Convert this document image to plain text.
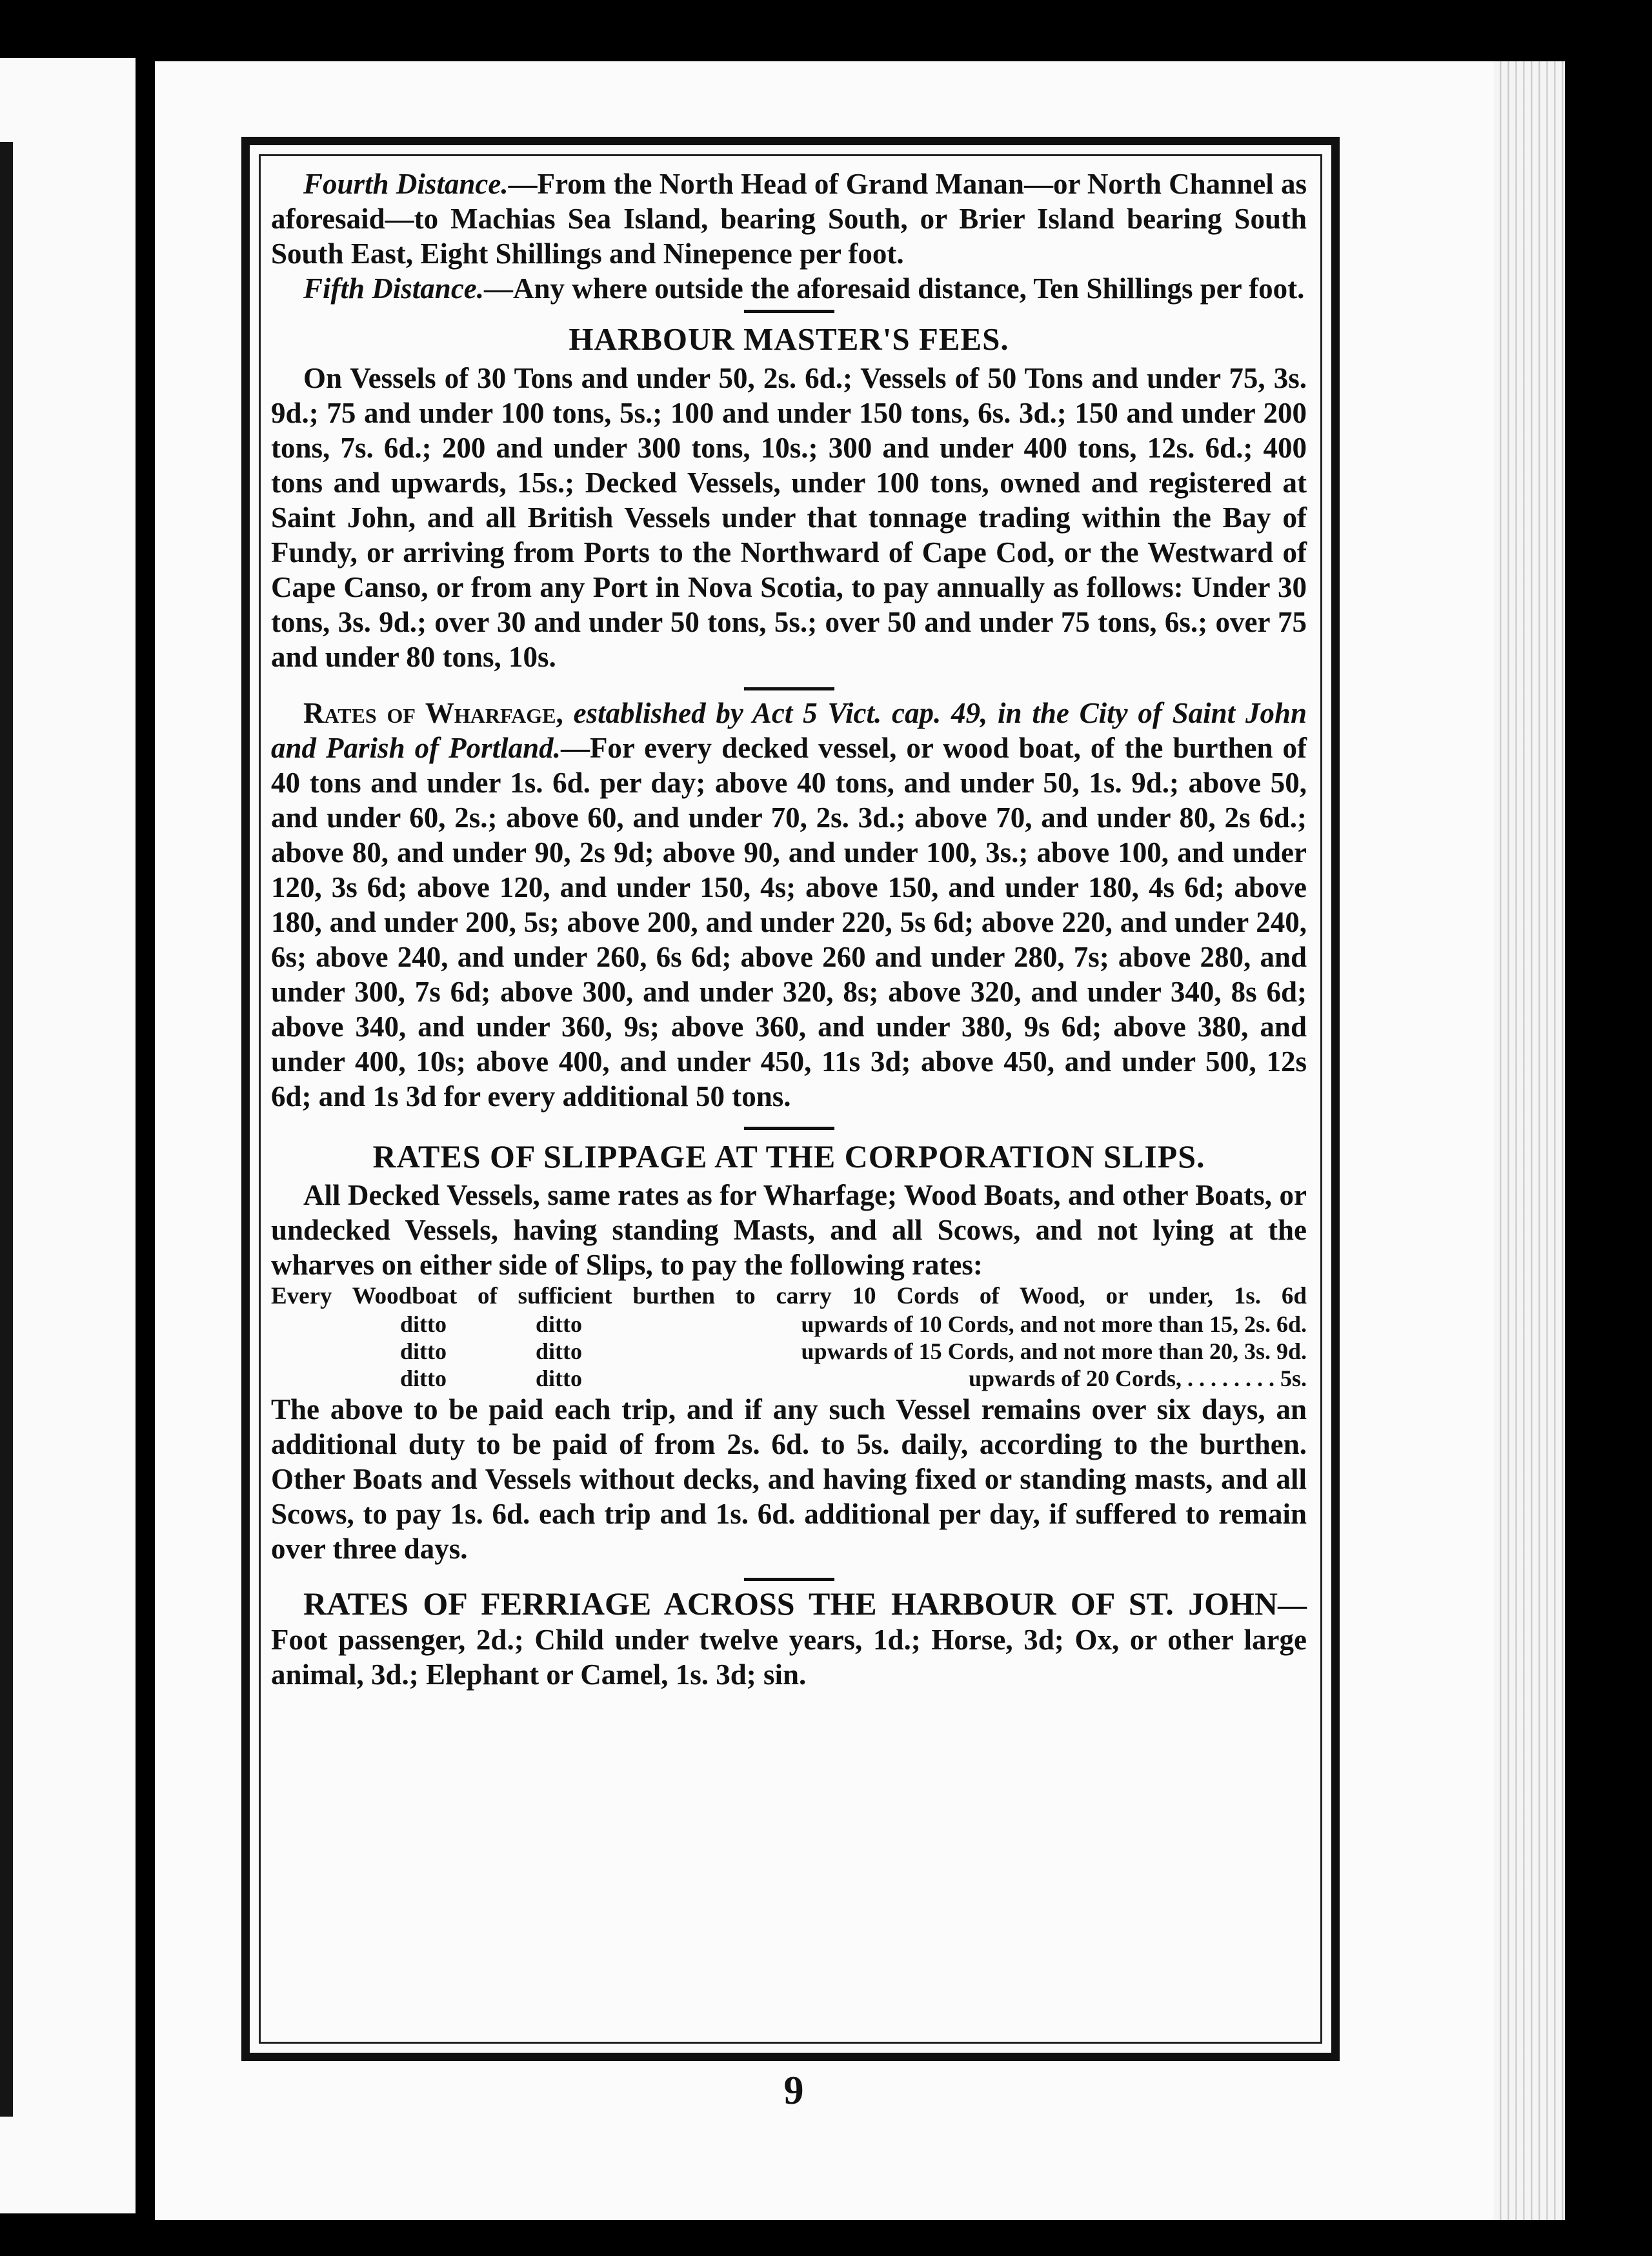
Fourth Distance.—From the North Head of Grand Manan—or North Channel as aforesaid—to Machias Sea Island, bearing South, or Brier Island bearing South South East, Eight Shillings and Ninepence per foot.

Fifth Distance.—Any where outside the aforesaid distance, Ten Shillings per foot.

HARBOUR MASTER'S FEES.

On Vessels of 30 Tons and under 50, 2s. 6d.; Vessels of 50 Tons and under 75, 3s. 9d.; 75 and under 100 tons, 5s.; 100 and under 150 tons, 6s. 3d.; 150 and under 200 tons, 7s. 6d.; 200 and under 300 tons, 10s.; 300 and under 400 tons, 12s. 6d.; 400 tons and upwards, 15s.; Decked Vessels, under 100 tons, owned and registered at Saint John, and all British Vessels under that tonnage trading within the Bay of Fundy, or arriving from Ports to the Northward of Cape Cod, or the Westward of Cape Canso, or from any Port in Nova Scotia, to pay annually as follows: Under 30 tons, 3s. 9d.; over 30 and under 50 tons, 5s.; over 50 and under 75 tons, 6s.; over 75 and under 80 tons, 10s.

Rates of Wharfage, established by Act 5 Vict. cap. 49, in the City of Saint John and Parish of Portland.—For every decked vessel, or wood boat, of the burthen of 40 tons and under 1s. 6d. per day; above 40 tons, and under 50, 1s. 9d.; above 50, and under 60, 2s.; above 60, and under 70, 2s. 3d.; above 70, and under 80, 2s 6d.; above 80, and under 90, 2s 9d; above 90, and under 100, 3s.; above 100, and under 120, 3s 6d; above 120, and under 150, 4s; above 150, and under 180, 4s 6d; above 180, and under 200, 5s; above 200, and under 220, 5s 6d; above 220, and under 240, 6s; above 240, and under 260, 6s 6d; above 260 and under 280, 7s; above 280, and under 300, 7s 6d; above 300, and under 320, 8s; above 320, and under 340, 8s 6d; above 340, and under 360, 9s; above 360, and under 380, 9s 6d; above 380, and under 400, 10s; above 400, and under 450, 11s 3d; above 450, and under 500, 12s 6d; and 1s 3d for every additional 50 tons.

RATES OF SLIPPAGE AT THE CORPORATION SLIPS.

All Decked Vessels, same rates as for Wharfage; Wood Boats, and other Boats, or undecked Vessels, having standing Masts, and all Scows, and not lying at the wharves on either side of Slips, to pay the following rates:

Every Woodboat of sufficient burthen to carry 10 Cords of Wood, or under, 1s. 6d
ditto	ditto	upwards of 10 Cords, and not more than 15, 2s. 6d.
ditto	ditto	upwards of 15 Cords, and not more than 20, 3s. 9d.
ditto	ditto	upwards of 20 Cords, . . . . . . . . 5s.

The above to be paid each trip, and if any such Vessel remains over six days, an additional duty to be paid of from 2s. 6d. to 5s. daily, according to the burthen. Other Boats and Vessels without decks, and having fixed or standing masts, and all Scows, to pay 1s. 6d. each trip and 1s. 6d. additional per day, if suffered to remain over three days.

RATES OF FERRIAGE ACROSS THE HARBOUR OF ST. JOHN—Foot passenger, 2d.; Child under twelve years, 1d.; Horse, 3d; Ox, or other large animal, 3d.; Elephant or Camel, 1s. 3d; sin.

9
